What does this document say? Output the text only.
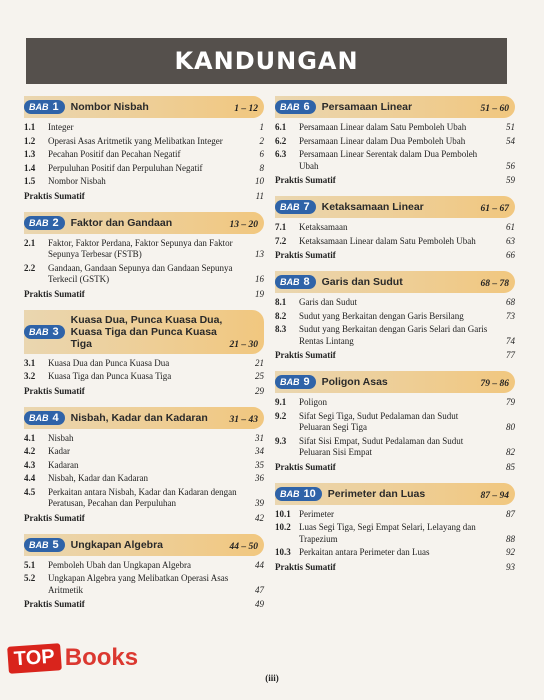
KANDUNGAN
BAB 1 Nombor Nisbah	1 – 12
1.1	Integer	1
1.2	Operasi Asas Aritmetik yang Melibatkan Integer	2
1.3	Pecahan Positif dan Pecahan Negatif	6
1.4	Perpuluhan Positif dan Perpuluhan Negatif	8
1.5	Nombor Nisbah	10
Praktis Sumatif	11
BAB 2 Faktor dan Gandaan	13 – 20
2.1	Faktor, Faktor Perdana, Faktor Sepunya dan Faktor Sepunya Terbesar (FSTB)	13
2.2	Gandaan, Gandaan Sepunya dan Gandaan Sepunya Terkecil (GSTK)	16
Praktis Sumatif	19
BAB 3
Kuasa Dua, Punca Kuasa Dua, Kuasa Tiga dan Punca Kuasa Tiga	21 – 30
3.1	Kuasa Dua dan Punca Kuasa Dua	21
3.2	Kuasa Tiga dan Punca Kuasa Tiga	25
Praktis Sumatif	29
BAB 4 Nisbah, Kadar dan Kadaran	31 – 43
4.1	Nisbah	31
4.2	Kadar	34
4.3	Kadaran	35
4.4	Nisbah, Kadar dan Kadaran	36
4.5	Perkaitan antara Nisbah, Kadar dan Kadaran dengan Peratusan, Pecahan dan Perpuluhan	39
Praktis Sumatif	42
BAB 5 Ungkapan Algebra	44 – 50
5.1	Pemboleh Ubah dan Ungkapan Algebra	44
5.2	Ungkapan Algebra yang Melibatkan Operasi Asas Aritmetik	47
Praktis Sumatif	49
BAB 6 Persamaan Linear	51 – 60
6.1	Persamaan Linear dalam Satu Pemboleh Ubah	51
6.2	Persamaan Linear dalam Dua Pemboleh Ubah	54
6.3	Persamaan Linear Serentak dalam Dua Pemboleh Ubah	56
Praktis Sumatif	59
BAB 7 Ketaksamaan Linear	61 – 67
7.1	Ketaksamaan	61
7.2	Ketaksamaan Linear dalam Satu Pemboleh Ubah	63
Praktis Sumatif	66
BAB 8 Garis dan Sudut	68 – 78
8.1	Garis dan Sudut	68
8.2	Sudut yang Berkaitan dengan Garis Bersilang	73
8.3	Sudut yang Berkaitan dengan Garis Selari dan Garis Rentas Lintang	74
Praktis Sumatif	77
BAB 9 Poligon Asas	79 – 86
9.1	Poligon	79
9.2	Sifat Segi Tiga, Sudut Pedalaman dan Sudut Peluaran Segi Tiga	80
9.3	Sifat Sisi Empat, Sudut Pedalaman dan Sudut Peluaran Sisi Empat	82
Praktis Sumatif	85
BAB 10 Perimeter dan Luas	87 – 94
10.1 Perimeter	87
10.2 Luas Segi Tiga, Segi Empat Selari, Lelayang dan Trapezium	88
10.3 Perkaitan antara Perimeter dan Luas	92
Praktis Sumatif	93
TOP Books
(iii)
